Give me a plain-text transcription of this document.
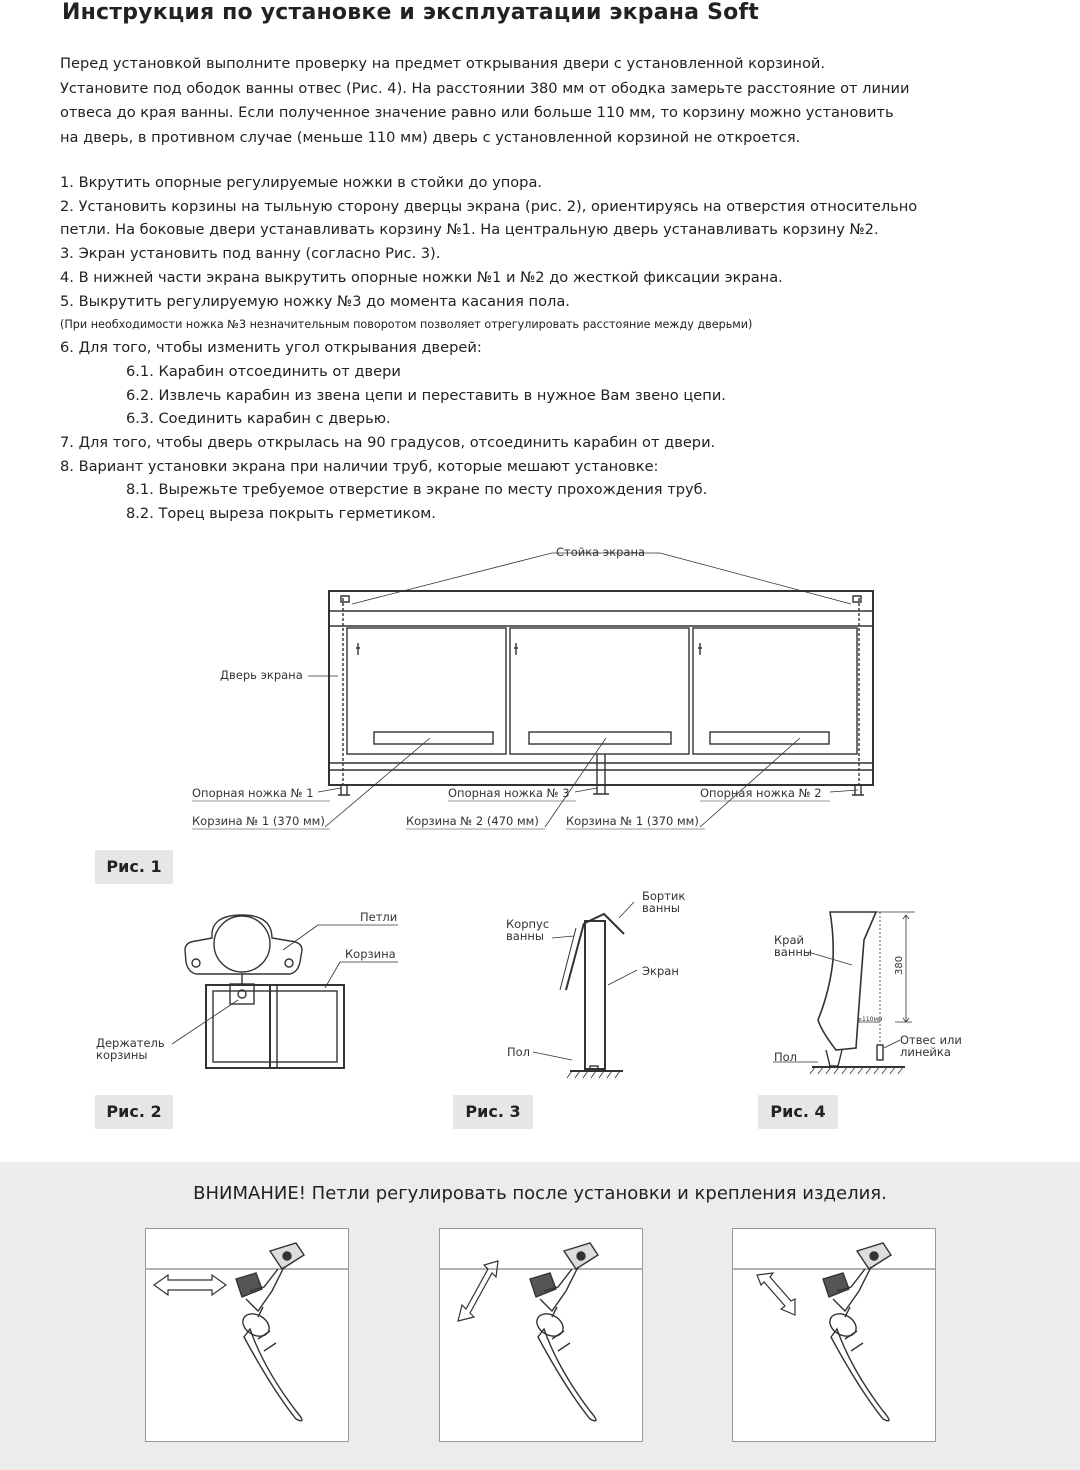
Инструкция по установке и эксплуатации экрана Soft
Перед установкой выполните проверку на предмет открывания двери с установленной корзиной.
Установите под ободок ванны отвес (Рис. 4). На расстоянии 380 мм от ободка замерьте расстояние от линии
отвеса до края ванны. Если полученное значение равно или больше 110 мм, то корзину можно установить
на дверь, в противном случае (меньше 110 мм) дверь с установленной корзиной не откроется.
1. Вкрутить опорные регулируемые ножки в стойки до упора.
2. Установить корзины на тыльную сторону дверцы экрана (рис. 2), ориентируясь на отверстия относительно
петли. На боковые двери устанавливать корзину №1. На центральную дверь устанавливать корзину №2.
3. Экран установить под ванну (согласно Рис. 3).
4. В нижней части экрана выкрутить опорные ножки №1 и №2 до жесткой фиксации экрана.
5. Выкрутить регулируемую ножку №3 до момента касания пола.
(При необходимости ножка №3 незначительным поворотом позволяет отрегулировать расстояние между дверьми)
6. Для того, чтобы изменить угол открывания дверей:
6.1. Карабин отсоединить от двери
6.2. Извлечь карабин из звена цепи и переставить в нужное Вам звено цепи.
6.3. Соединить карабин с дверью.
7. Для того, чтобы дверь открылась на 90 градусов, отсоединить карабин от двери.
8. Вариант установки экрана при наличии труб, которые мешают установке:
8.1. Вырежьте требуемое отверстие в экране по месту прохождения труб.
8.2. Торец выреза покрыть герметиком.
Стойка экрана
Дверь экрана
Опорная ножка № 1	Опорная ножка № 3	Опорная ножка № 2
Корзина № 1 (370 мм)	Корзина № 2 (470 мм) Корзина № 1 (370 мм)
Рис. 1
Петли
Корзина
Держатель корзины
Рис. 2
Бортик ванны
Корпус ванны
Экран
Пол
Рис. 3
Край ванны
380
≥110мм
Отвес или линейка
Пол
Рис. 4
ВНИМАНИЕ! Петли регулировать после установки и крепления изделия.
